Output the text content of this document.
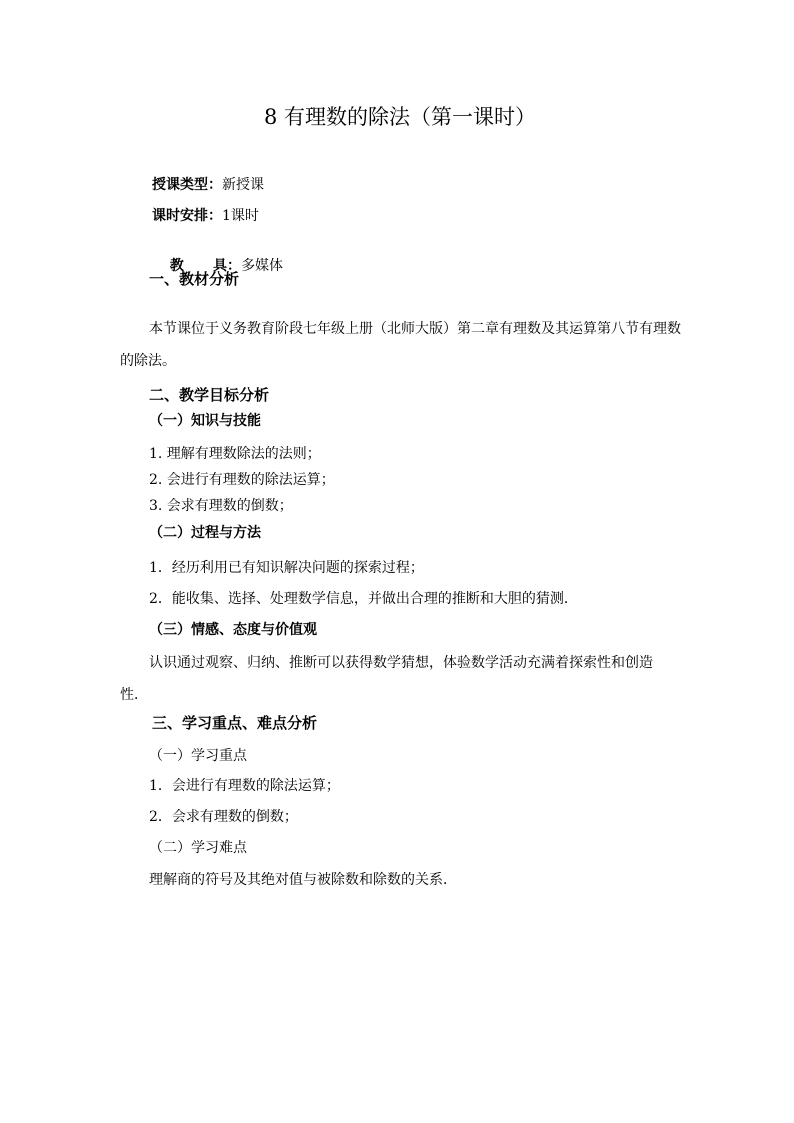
8 有理数的除法（第一课时）
授课类型：新授课
课时安排：1课时

教      具：多媒体

一、教材分析
本节课位于义务教育阶段七年级上册（北师大版）第二章有理数及其运算第八节有理数
的除法。
二、教学目标分析
（一）知识与技能
1. 理解有理数除法的法则；
2. 会进行有理数的除法运算；
3. 会求有理数的倒数；
（二）过程与方法
1．经历利用已有知识解决问题的探索过程；
2．能收集、选择、处理数学信息，并做出合理的推断和大胆的猜测．
（三）情感、态度与价值观
认识通过观察、归纳、推断可以获得数学猜想，体验数学活动充满着探索性和创造
性．
三、学习重点、难点分析
（一）学习重点
1．会进行有理数的除法运算；
2．会求有理数的倒数；
（二）学习难点
理解商的符号及其绝对值与被除数和除数的关系．
